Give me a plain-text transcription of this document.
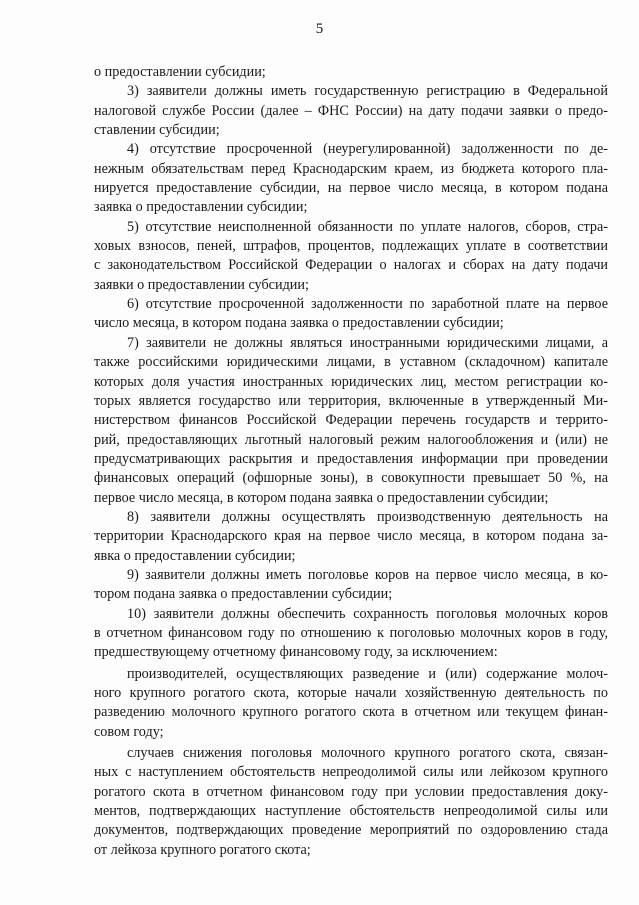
5
о предоставлении субсидии;
3) заявители должны иметь государственную регистрацию в Федеральной
налоговой службе России (далее – ФНС России) на дату подачи заявки о предо-
ставлении субсидии;
4) отсутствие просроченной (неурегулированной) задолженности по де-
нежным обязательствам перед Краснодарским краем, из бюджета которого пла-
нируется предоставление субсидии, на первое число месяца, в котором подана
заявка о предоставлении субсидии;
5) отсутствие неисполненной обязанности по уплате налогов, сборов, стра-
ховых взносов, пеней, штрафов, процентов, подлежащих уплате в соответствии
с законодательством Российской Федерации о налогах и сборах на дату подачи
заявки о предоставлении субсидии;
6) отсутствие просроченной задолженности по заработной плате на первое
число месяца, в котором подана заявка о предоставлении субсидии;
7) заявители не должны являться иностранными юридическими лицами, а
также российскими юридическими лицами, в уставном (складочном) капитале
которых доля участия иностранных юридических лиц, местом регистрации ко-
торых является государство или территория, включенные в утвержденный Ми-
нистерством финансов Российской Федерации перечень государств и террито-
рий, предоставляющих льготный налоговый режим налогообложения и (или) не
предусматривающих раскрытия и предоставления информации при проведении
финансовых операций (офшорные зоны), в совокупности превышает 50 %, на
первое число месяца, в котором подана заявка о предоставлении субсидии;
8) заявители должны осуществлять производственную деятельность на
территории Краснодарского края на первое число месяца, в котором подана за-
явка о предоставлении субсидии;
9) заявители должны иметь поголовье коров на первое число месяца, в ко-
тором подана заявка о предоставлении субсидии;
10) заявители должны обеспечить сохранность поголовья молочных коров
в отчетном финансовом году по отношению к поголовью молочных коров в году,
предшествующему отчетному финансовому году, за исключением:
производителей, осуществляющих разведение и (или) содержание молоч-
ного крупного рогатого скота, которые начали хозяйственную деятельность по
разведению молочного крупного рогатого скота в отчетном или текущем финан-
совом году;
случаев снижения поголовья молочного крупного рогатого скота, связан-
ных с наступлением обстоятельств непреодолимой силы или лейкозом крупного
рогатого скота в отчетном финансовом году при условии предоставления доку-
ментов, подтверждающих наступление обстоятельств непреодолимой силы или
документов, подтверждающих проведение мероприятий по оздоровлению стада
от лейкоза крупного рогатого скота;
